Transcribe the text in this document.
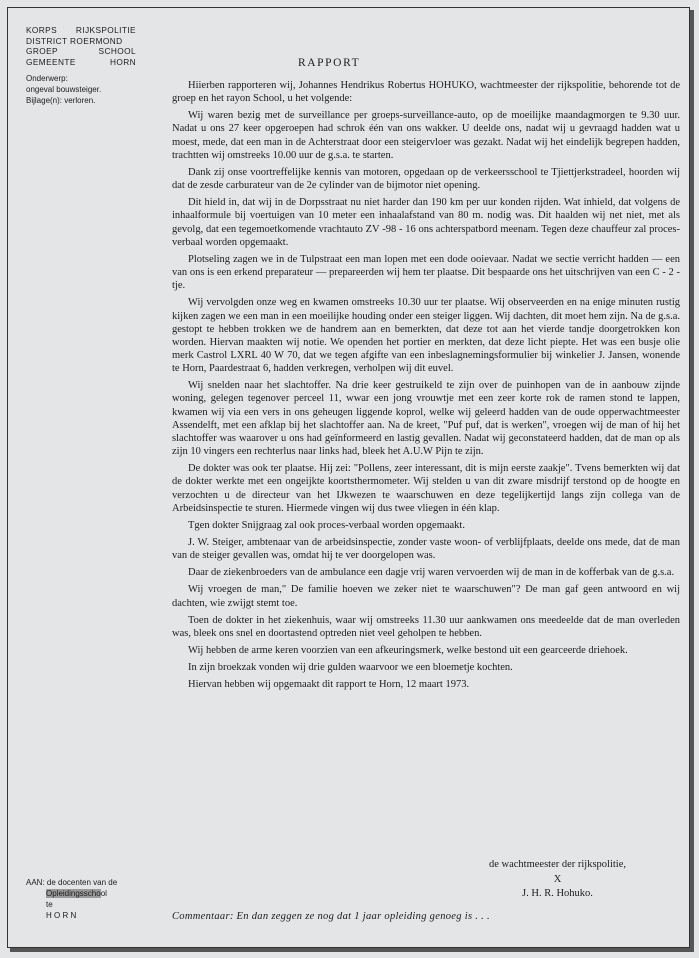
KORPS RIJKSPOLITIE
DISTRICT ROERMOND
GROEP	SCHOOL
GEMEENTE	HORN
Onderwerp:
ongeval bouwsteiger.
Bijlage(n): verloren.
RAPPORT

Hiierben rapporteren wij, Johannes Hendrikus Robertus HOHUKO, wachtmeester der rijkspolitie, behorende tot de groep en het rayon School, u het volgende:

Wij waren bezig met de surveillance per groeps-surveillance-auto, op de moeilijke maandagmorgen te 9.30 uur. Nadat u ons 27 keer opgeroepen had schrok één van ons wakker. U deelde ons, nadat wij u gevraagd hadden wat u moest, mede, dat een man in de Achterstraat door een steigervloer was gezakt. Nadat wij het eindelijk begrepen hadden, trachtten wij omstreeks 10.00 uur de g.s.a. te starten.

Dank zij onse voortreffelijke kennis van motoren, opgedaan op de verkeersschool te Tjiettjerkstradeel, hoorden wij dat de zesde carburateur van de 2e cylinder van de bijmotor niet opening.

Dit hield in, dat wij in de Dorpsstraat nu niet harder dan 190 km per uur konden rijden. Wat inhield, dat volgens de inhaalformule bij voertuigen van 10 meter een inhaalafstand van 80 m. nodig was. Dit haalden wij net niet, met als gevolg, dat een tegemoetkomende vrachtauto ZV -98 - 16 ons achterspatbord meenam. Tegen deze chauffeur zal proces-verbaal worden opgemaakt.

Plotseling zagen we in de Tulpstraat een man lopen met een dode ooievaar. Nadat we sectie verricht hadden — een van ons is een erkend preparateur — prepareerden wij hem ter plaatse. Dit bespaarde ons het uitschrijven van een C - 2 -tje.

Wij vervolgden onze weg en kwamen omstreeks 10.30 uur ter plaatse. Wij observeerden en na enige minuten rustig kijken zagen we een man in een moeilijke houding onder een steiger liggen. Wij dachten, dit moet hem zijn. Na de g.s.a. gestopt te hebben trokken we de handrem aan en bemerkten, dat deze tot aan het vierde tandje doorgetrokken kon worden. Hiervan maakten wij notie. We openden het portier en merkten, dat deze licht piepte. Het was een busje olie merk Castrol LXRL 40 W 70, dat we tegen afgifte van een inbeslagnemingsformulier bij winkelier J. Jansen, wonende te Horn, Paardestraat 6, hadden verkregen, verholpen wij dit euvel.

Wij snelden naar het slachtoffer. Na drie keer gestruikeld te zijn over de puinhopen van de in aanbouw zijnde woning, gelegen tegenover perceel 11, wwar een jong vrouwtje met een zeer korte rok de ramen stond te lappen, kwamen wij via een vers in ons geheugen liggende koprol, welke wij geleerd hadden van de oude opperwachtmeester Assendelft, met een afklap bij het slachtoffer aan. Na de kreet, "Puf puf, dat is werken", vroegen wij de man of hij het slachtoffer was waarover u ons had geïnformeerd en lastig gevallen. Nadat wij geconstateerd hadden, dat de man op als zijn 10 vingers een rechterlus naar links had, bleek het A.U.W Pijn te zijn.

De dokter was ook ter plaatse. Hij zei: "Pollens, zeer interessant, dit is mijn eerste zaakje". Tvens bemerkten wij dat de dokter werkte met een ongeijkte koortsthermometer. Wij stelden u van dit zware misdrijf terstond op de hoogte en verzochten u de directeur van het IJkwezen te waarschuwen en deze tegelijkertijd langs zijn collega van de Arbeidsinspectie te sturen. Hiermede vingen wij dus twee vliegen in één klap.

Tgen dokter Snijgraag zal ook proces-verbaal worden opgemaakt.

J. W. Steiger, ambtenaar van de arbeidsinspectie, zonder vaste woon- of verblijfplaats, deelde ons mede, dat de man van de steiger gevallen was, omdat hij te ver doorgelopen was.

Daar de ziekenbroeders van de ambulance een dagje vrij waren vervoerden wij de man in de kofferbak van de g.s.a.

Wij vroegen de man," De familie hoeven we zeker niet te waarschuwen"? De man gaf geen antwoord en wij dachten, wie zwijgt stemt toe.

Toen de dokter in het ziekenhuis, waar wij omstreeks 11.30 uur aankwamen ons meedeelde dat de man overleden was, bleek ons snel en doortastend optreden niet veel geholpen te hebben.

Wij hebben de arme keren voorzien van een afkeuringsmerk, welke bestond uit een gearceerde driehoek.

In zijn broekzak vonden wij drie gulden waarvoor we een bloemetje kochten.

Hiervan hebben wij opgemaakt dit rapport te Horn, 12 maart 1973.

de wachtmeester der rijkspolitie,
X
J. H. R. Hohuko.
AAN: de docenten van de
Opleidingsschool
te
H O R N	Commentaar: En dan zeggen ze nog dat 1 jaar opleiding genoeg is . . .
